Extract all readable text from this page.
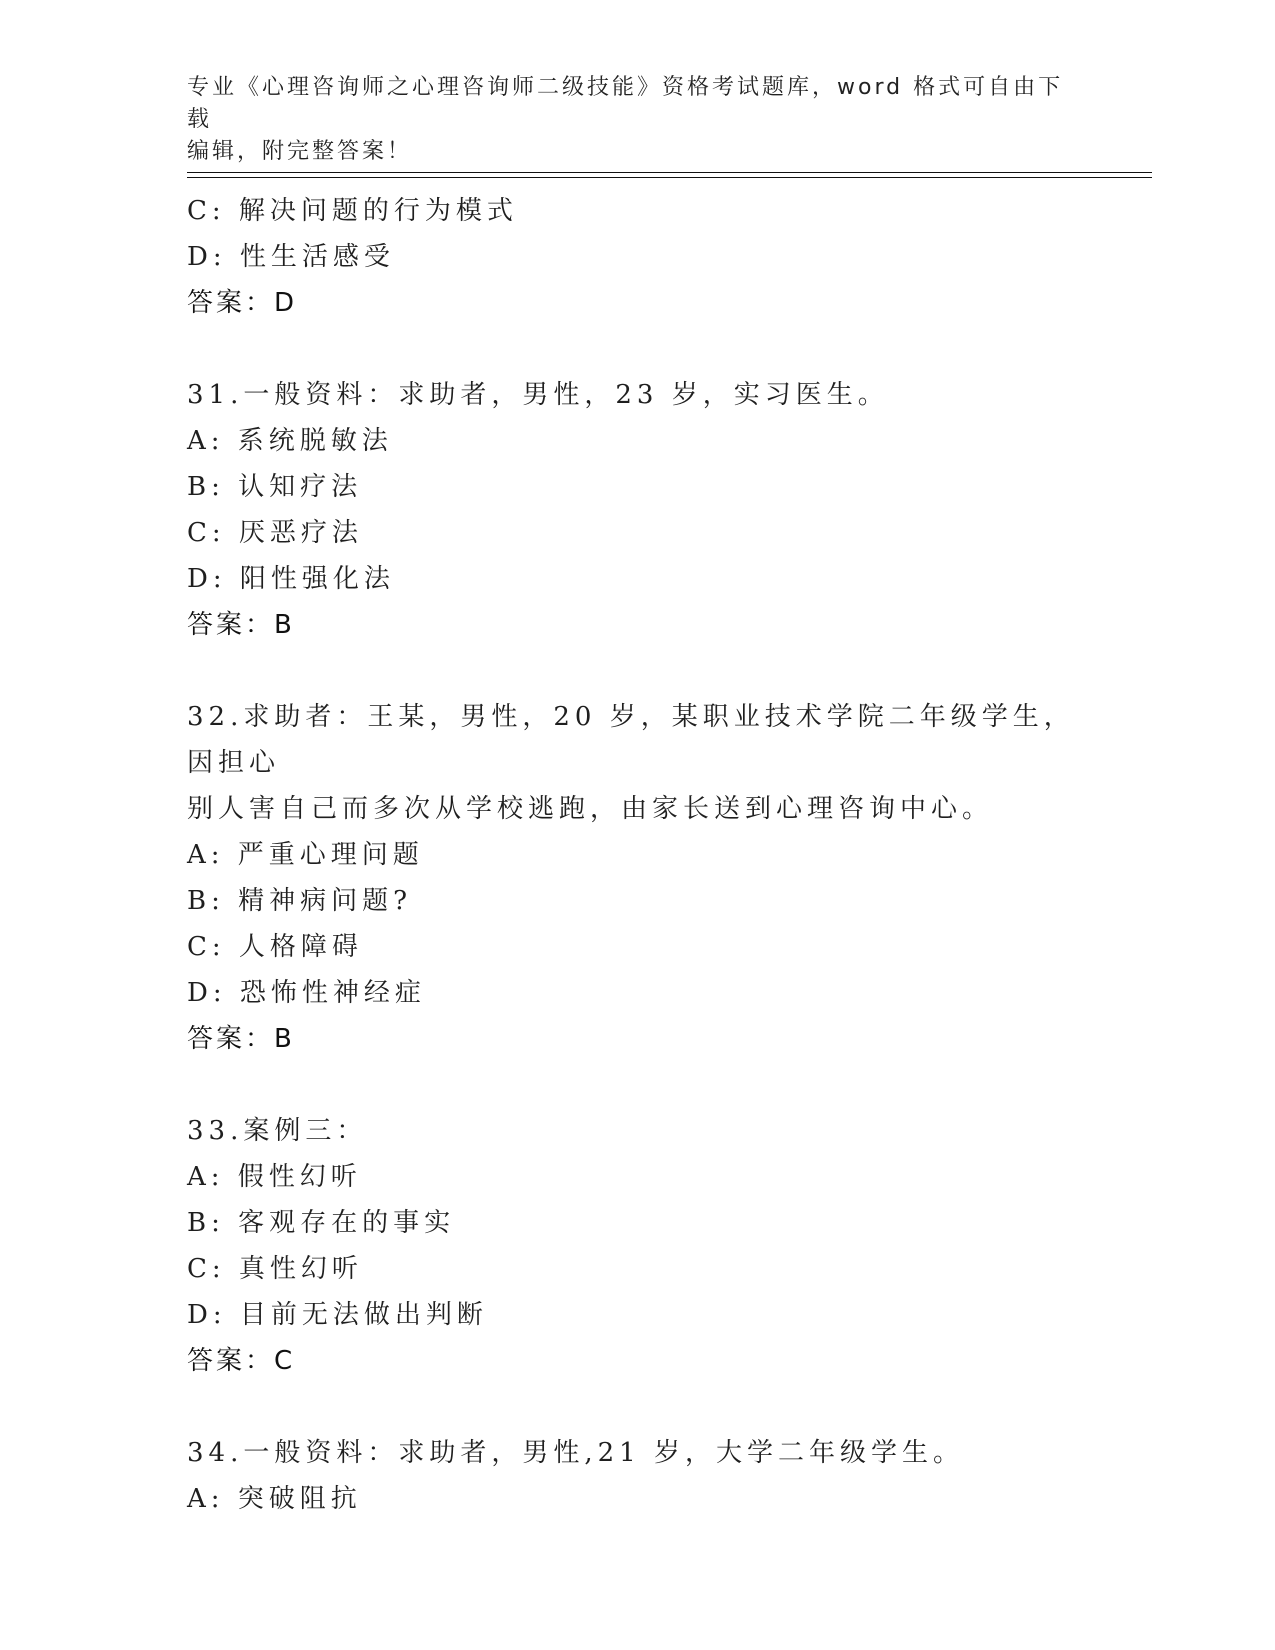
专业《心理咨询师之心理咨询师二级技能》资格考试题库，word 格式可自由下载
编辑，附完整答案！
C: 解决问题的行为模式
D: 性生活感受
答案：D
31.一般资料：求助者，男性，23 岁，实习医生。
A: 系统脱敏法
B: 认知疗法
C: 厌恶疗法
D: 阳性强化法
答案：B
32.求助者：王某，男性，20 岁，某职业技术学院二年级学生，因担心
别人害自己而多次从学校逃跑，由家长送到心理咨询中心。
A: 严重心理问题
B: 精神病问题?
C: 人格障碍
D: 恐怖性神经症
答案：B
33.案例三：
A: 假性幻听
B: 客观存在的事实
C: 真性幻听
D: 目前无法做出判断
答案：C
34.一般资料：求助者，男性,21 岁，大学二年级学生。
A: 突破阻抗
